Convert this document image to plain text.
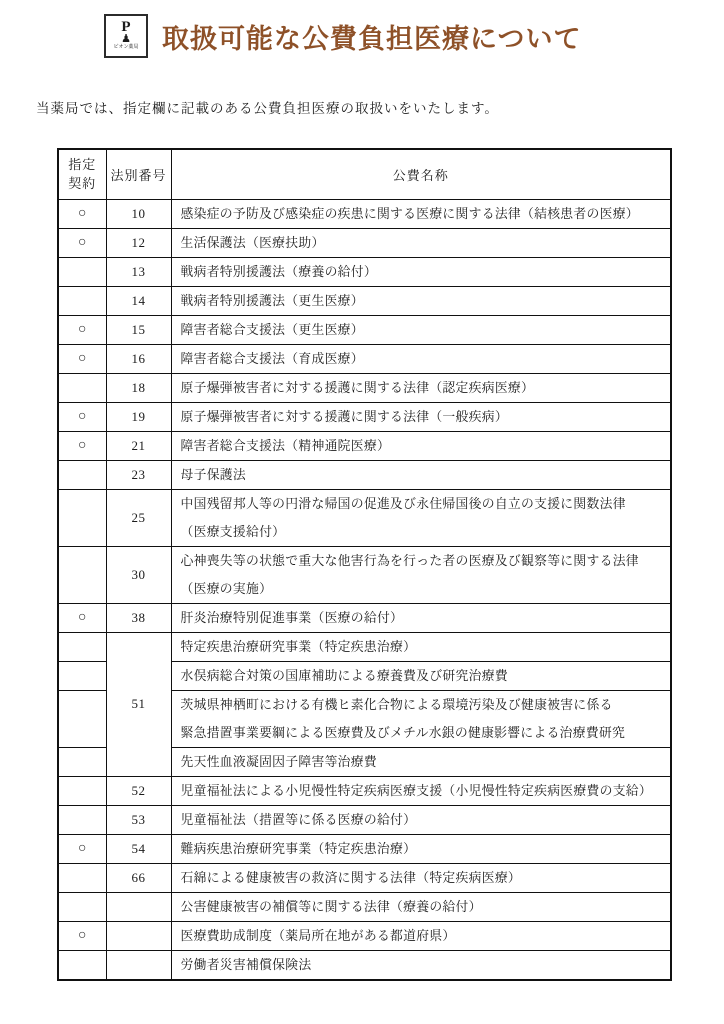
P
♟
ピオン薬局 取扱可能な公費負担医療について
当薬局では、指定欄に記載のある公費負担医療の取扱いをいたします。
指定
契約	法別番号	公費名称
○	10	感染症の予防及び感染症の疾患に関する医療に関する法律（結核患者の医療）

○	12	生活保護法（医療扶助）

	13	戦病者特別援護法（療養の給付）

	14	戦病者特別援護法（更生医療）

○	15	障害者総合支援法（更生医療）

○	16	障害者総合支援法（育成医療）

	18	原子爆弾被害者に対する援護に関する法律（認定疾病医療）

○	19	原子爆弾被害者に対する援護に関する法律（一般疾病）

○	21	障害者総合支援法（精神通院医療）

	23	母子保護法

	25	中国残留邦人等の円滑な帰国の促進及び永住帰国後の自立の支援に関数法律
（医療支援給付）

	30	心神喪失等の状態で重大な他害行為を行った者の医療及び観察等に関する法律
（医療の実施）

○	38	肝炎治療特別促進事業（医療の給付）

	51	特定疾患治療研究事業（特定疾患治療）

		水俣病総合対策の国庫補助による療養費及び研究治療費

		茨城県神栖町における有機ヒ素化合物による環境汚染及び健康被害に係る
緊急措置事業要綱による医療費及びメチル水銀の健康影響による治療費研究

		先天性血液凝固因子障害等治療費

	52	児童福祉法による小児慢性特定疾病医療支援（小児慢性特定疾病医療費の支給）

	53	児童福祉法（措置等に係る医療の給付）

○	54	難病疾患治療研究事業（特定疾患治療）

	66	石綿による健康被害の救済に関する法律（特定疾病医療）

		公害健康被害の補償等に関する法律（療養の給付）

○		医療費助成制度（薬局所在地がある都道府県）

		労働者災害補償保険法
